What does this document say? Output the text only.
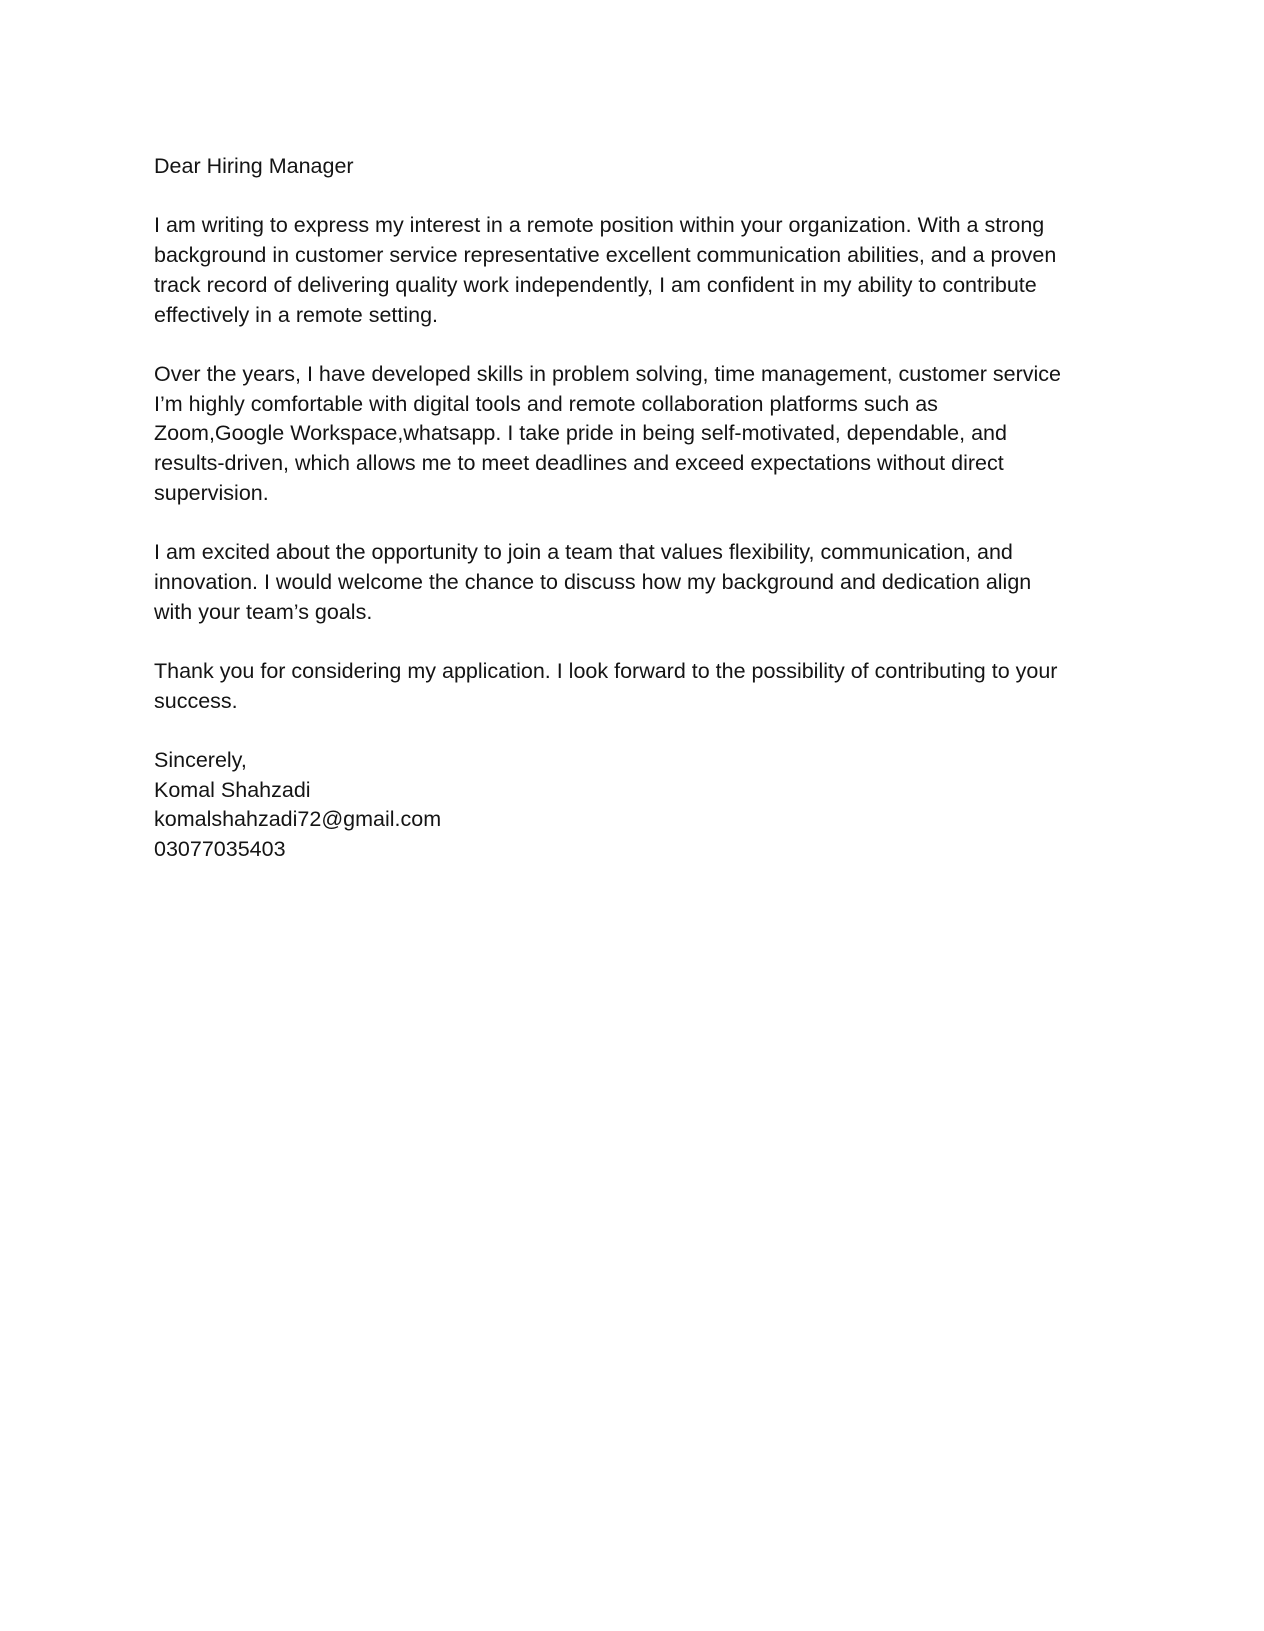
Dear Hiring Manager

I am writing to express my interest in a remote position within your organization. With a strong
background in customer service representative excellent communication abilities, and a proven
track record of delivering quality work independently, I am confident in my ability to contribute
effectively in a remote setting.

Over the years, I have developed skills in problem solving, time management, customer service
I’m highly comfortable with digital tools and remote collaboration platforms such as
Zoom,Google Workspace,whatsapp. I take pride in being self-motivated, dependable, and
results-driven, which allows me to meet deadlines and exceed expectations without direct
supervision.

I am excited about the opportunity to join a team that values flexibility, communication, and
innovation. I would welcome the chance to discuss how my background and dedication align
with your team’s goals.

Thank you for considering my application. I look forward to the possibility of contributing to your
success.

Sincerely,

Komal Shahzadi

komalshahzadi72@gmail.com

03077035403
